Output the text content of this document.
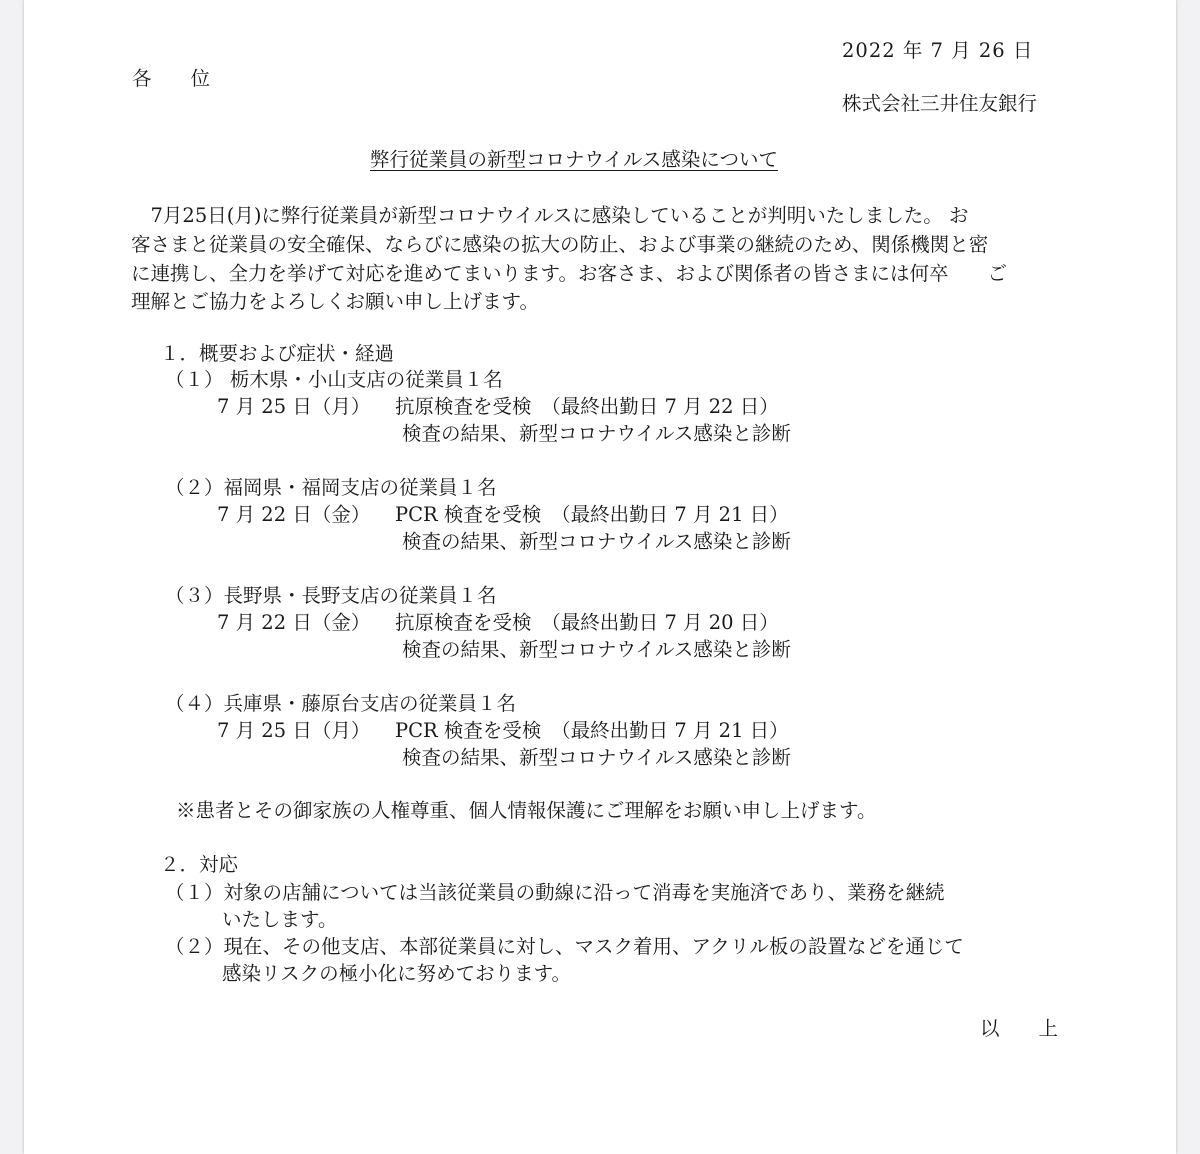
2022 年 7 月 26 日
各　　位
株式会社三井住友銀行
弊行従業員の新型コロナウイルス感染について
　7月25日(月)に弊行従業員が新型コロナウイルスに感染していることが判明いたしました。 お
客さまと従業員の安全確保、ならびに感染の拡大の防止、および事業の継続のため、関係機関と密
に連携し、全力を挙げて対応を進めてまいります。お客さま、および関係者の皆さまには何卒　　ご
理解とご協力をよろしくお願い申し上げます。
１．概要および症状・経過
（１） 栃木県・小山支店の従業員１名
7 月 25 日（月） 抗原検査を受検　（最終出勤日 7 月 22 日）
検査の結果、新型コロナウイルス感染と診断
（２）福岡県・福岡支店の従業員１名
7 月 22 日（金） PCR 検査を受検　（最終出勤日 7 月 21 日）
検査の結果、新型コロナウイルス感染と診断
（３）長野県・長野支店の従業員１名
7 月 22 日（金） 抗原検査を受検　（最終出勤日 7 月 20 日）
検査の結果、新型コロナウイルス感染と診断
（４）兵庫県・藤原台支店の従業員１名
7 月 25 日（月） PCR 検査を受検　（最終出勤日 7 月 21 日）
検査の結果、新型コロナウイルス感染と診断
※患者とその御家族の人権尊重、個人情報保護にご理解をお願い申し上げます。
２．対応
（１）対象の店舗については当該従業員の動線に沿って消毒を実施済であり、業務を継続
いたします。
（２）現在、その他支店、本部従業員に対し、マスク着用、アクリル板の設置などを通じて
感染リスクの極小化に努めております。
以　　上
